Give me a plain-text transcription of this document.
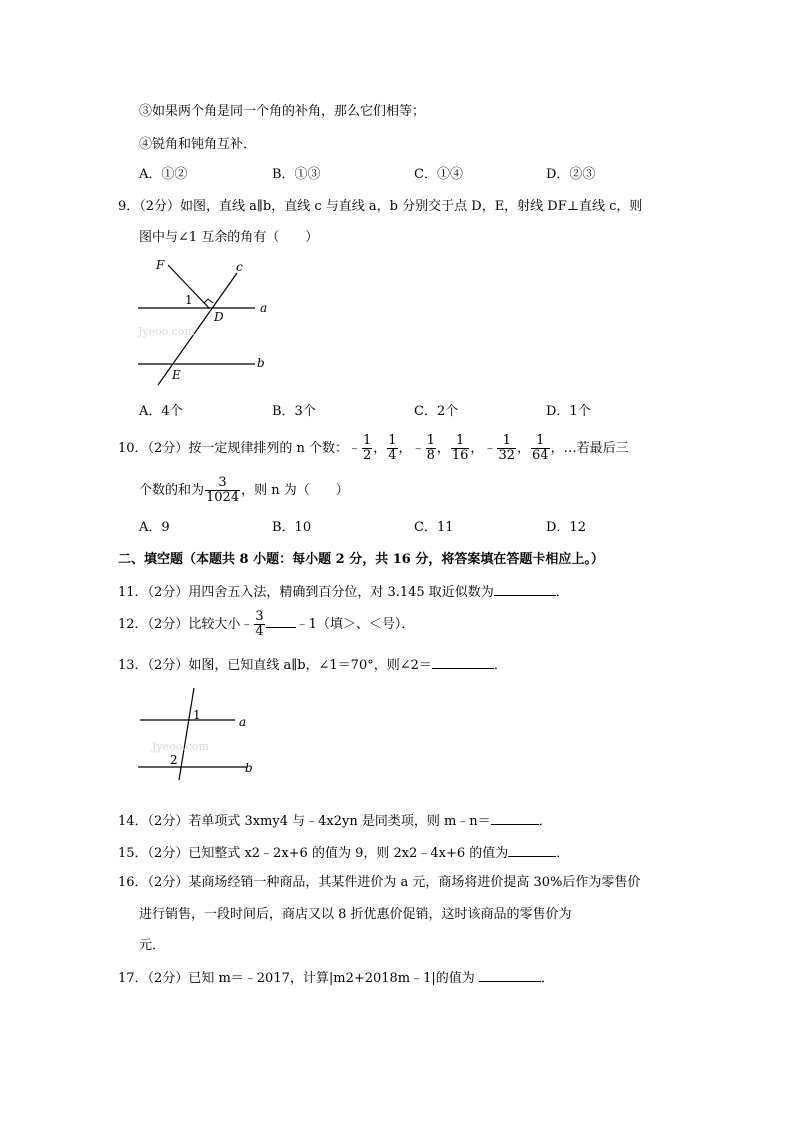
③如果两个角是同一个角的补角，那么它们相等；
④锐角和钝角互补．
A．①②	B．①③	C．①④	D．②③
9．（2分）如图，直线 a∥b，直线 c 与直线 a，b 分别交于点 D，E，射线 DF⊥直线 c，则
图中与∠1 互余的角有（　　）
Jyeoo.com
F	c
1
D
a
b
E
A．4个	B．3个	C．2个	D．1个
10．（2分）按一定规律排列的 n 个数：﹣ $\frac{1}{2}$ ， $\frac{1}{4}$ ，﹣ $\frac{1}{8}$ ， $\frac{1}{16}$ ，﹣ $\frac{1}{32}$ ， $\frac{1}{64}$ ，…若最后三
个数的和为 $\frac{3}{1024}$ ，则 n 为（　　）
A．9	B．10	C．11	D．12
二、填空题（本题共 8 小题：每小题 2 分，共 16 分，将答案填在答题卡相应上。）
11．（2分）用四舍五入法，精确到百分位，对 3.145 取近似数为	．
12．（2分）比较大小﹣ $\frac{3}{4}$ ﹣1（填＞、＜号）．
13．（2分）如图，已知直线 a∥b，∠1＝70°，则∠2＝	．
Jyeoo.com
1
2
a
b
14．（2分）若单项式 3xmy4 与﹣4x2yn 是同类项，则 m﹣n＝	．
15．（2分）已知整式 x2﹣2x+6 的值为 9，则 2x2﹣4x+6 的值为	．
16．（2分）某商场经销一种商品，其某件进价为 a 元，商场将进价提高 30%后作为零售价
进行销售，一段时间后，商店又以 8 折优惠价促销，这时该商品的零售价为
元．
17．（2分）已知 m＝﹣2017，计算|m2+2018m﹣1|的值为	．
